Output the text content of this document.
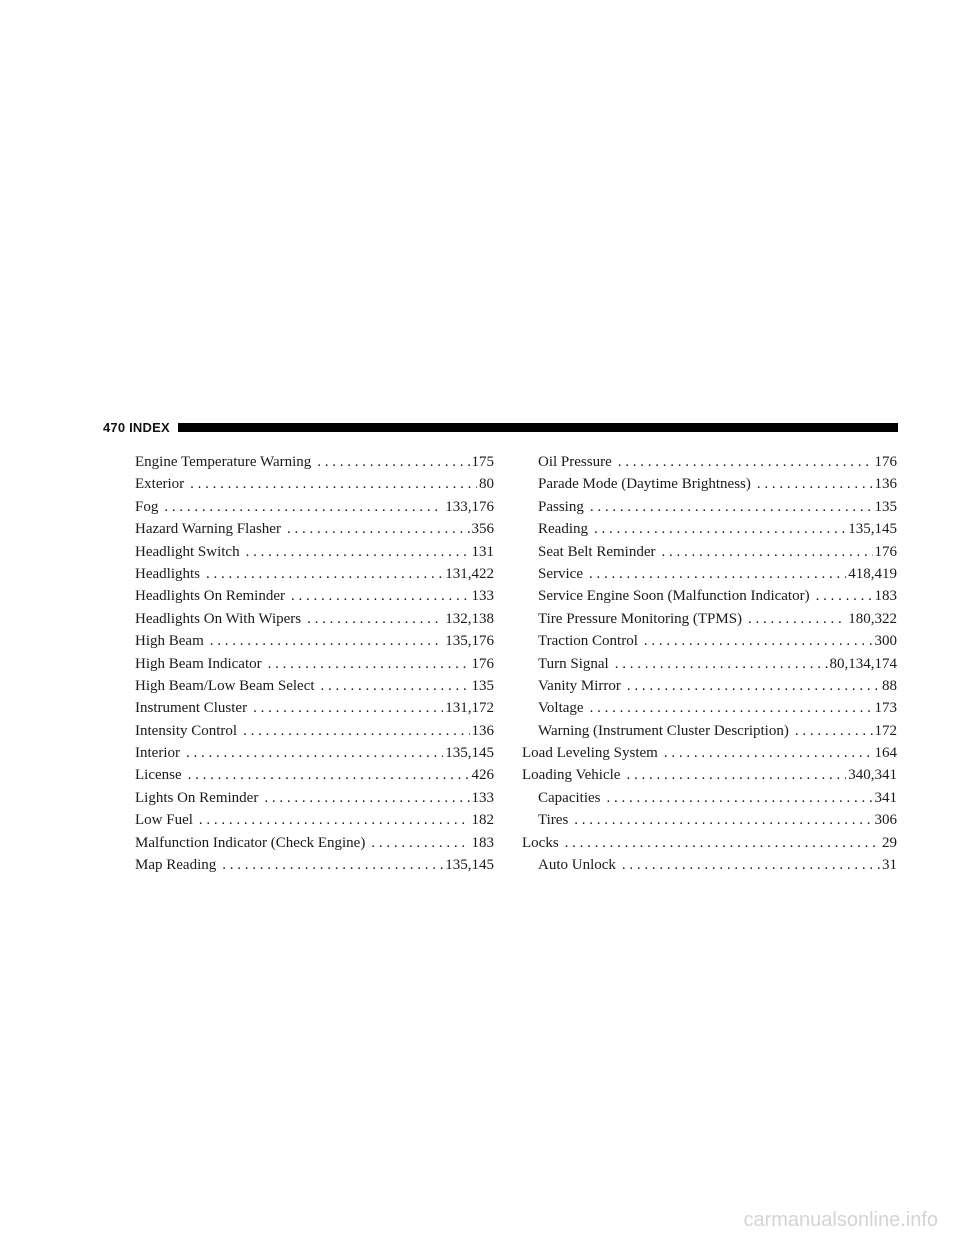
470 INDEX
Engine Temperature Warning . . .	175
Exterior . . .	80
Fog . . .	133,176
Hazard Warning Flasher . . .	356
Headlight Switch . . .	131
Headlights . . .	131,422
Headlights On Reminder . . .	133
Headlights On With Wipers . . .	132,138
High Beam . . .	135,176
High Beam Indicator . . .	176
High Beam/Low Beam Select . . .	135
Instrument Cluster . . .	131,172
Intensity Control . . .	136
Interior . . .	135,145
License . . .	426
Lights On Reminder . . .	133
Low Fuel . . .	182
Malfunction Indicator (Check Engine) . . .	183
Map Reading . . .	135,145
Oil Pressure . . .	176
Parade Mode (Daytime Brightness) . . .	136
Passing . . .	135
Reading . . .	135,145
Seat Belt Reminder . . .	176
Service . . .	418,419
Service Engine Soon (Malfunction Indicator) . . .	183
Tire Pressure Monitoring (TPMS) . . .	180,322
Traction Control . . .	300
Turn Signal . . .	80,134,174
Vanity Mirror . . .	88
Voltage . . .	173
Warning (Instrument Cluster Description) . . .	172
Load Leveling System . . .	164
Loading Vehicle . . .	340,341
Capacities . . .	341
Tires . . .	306
Locks . . .	29
Auto Unlock . . .	31
carmanualsonline.info
